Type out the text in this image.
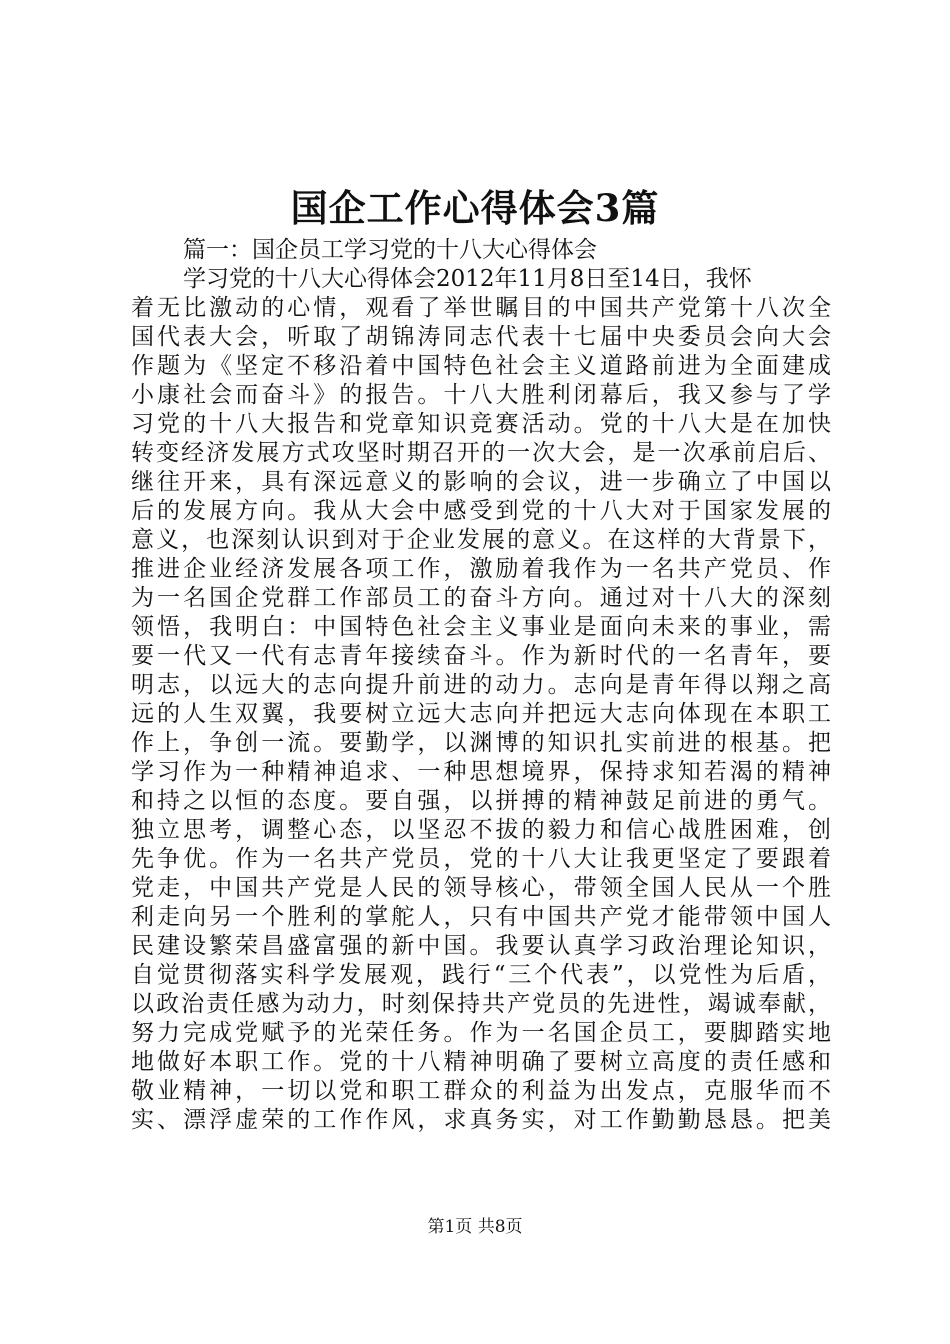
国企工作心得体会3篇
篇一：国企员工学习党的十八大心得体会
学习党的十八大心得体会2012年11月8日至14日，我怀
着无比激动的心情，观看了举世瞩目的中国共产党第十八次全
国代表大会，听取了胡锦涛同志代表十七届中央委员会向大会
作题为《坚定不移沿着中国特色社会主义道路前进为全面建成
小康社会而奋斗》的报告。十八大胜利闭幕后，我又参与了学
习党的十八大报告和党章知识竞赛活动。党的十八大是在加快
转变经济发展方式攻坚时期召开的一次大会，是一次承前启后、
继往开来，具有深远意义的影响的会议，进一步确立了中国以
后的发展方向。我从大会中感受到党的十八大对于国家发展的
意义，也深刻认识到对于企业发展的意义。在这样的大背景下，
推进企业经济发展各项工作，激励着我作为一名共产党员、作
为一名国企党群工作部员工的奋斗方向。通过对十八大的深刻
领悟，我明白：中国特色社会主义事业是面向未来的事业，需
要一代又一代有志青年接续奋斗。作为新时代的一名青年，要
明志，以远大的志向提升前进的动力。志向是青年得以翔之高
远的人生双翼，我要树立远大志向并把远大志向体现在本职工
作上，争创一流。要勤学，以渊博的知识扎实前进的根基。把
学习作为一种精神追求、一种思想境界，保持求知若渴的精神
和持之以恒的态度。要自强，以拼搏的精神鼓足前进的勇气。
独立思考，调整心态，以坚忍不拔的毅力和信心战胜困难，创
先争优。作为一名共产党员，党的十八大让我更坚定了要跟着
党走，中国共产党是人民的领导核心，带领全国人民从一个胜
利走向另一个胜利的掌舵人，只有中国共产党才能带领中国人
民建设繁荣昌盛富强的新中国。我要认真学习政治理论知识，
自觉贯彻落实科学发展观，践行“三个代表”，以党性为后盾，
以政治责任感为动力，时刻保持共产党员的先进性，竭诚奉献，
努力完成党赋予的光荣任务。作为一名国企员工，要脚踏实地
地做好本职工作。党的十八精神明确了要树立高度的责任感和
敬业精神，一切以党和职工群众的利益为出发点，克服华而不
实、漂浮虚荣的工作作风，求真务实，对工作勤勤恳恳。把美
第1页 共8页
